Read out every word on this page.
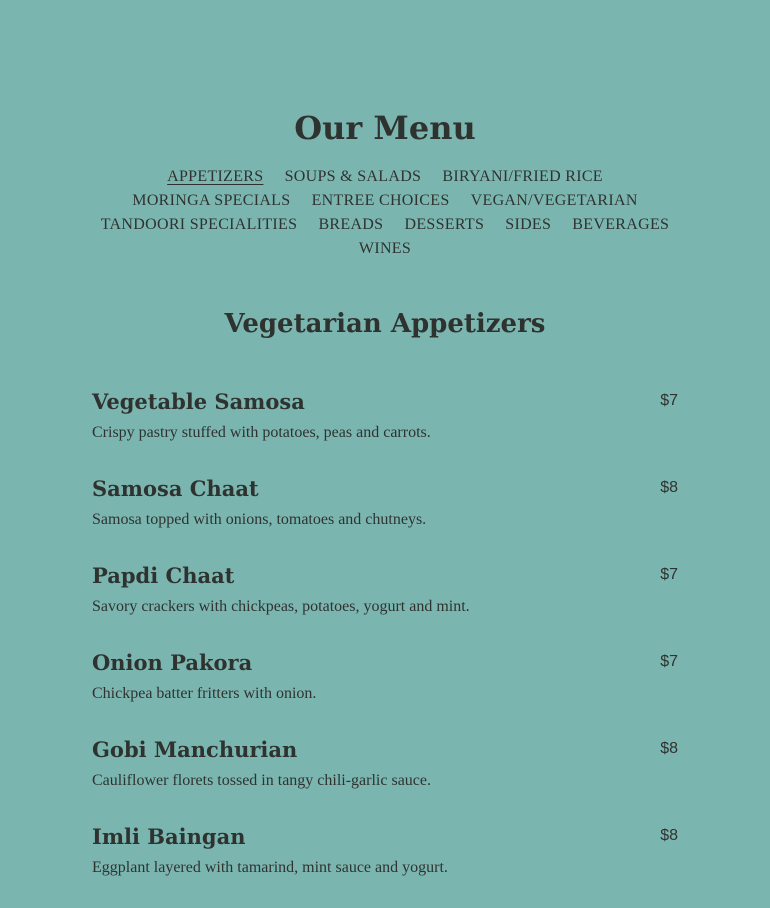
Our Menu
APPETIZERS SOUPS & SALADS BIRYANI/FRIED RICE
MORINGA SPECIALS ENTREE CHOICES VEGAN/VEGETARIAN
TANDOORI SPECIALITIES BREADS DESSERTS SIDES BEVERAGES
WINES
Vegetarian Appetizers
Vegetable Samosa	$7
Crispy pastry stuffed with potatoes, peas and carrots.
Samosa Chaat	$8
Samosa topped with onions, tomatoes and chutneys.
Papdi Chaat	$7
Savory crackers with chickpeas, potatoes, yogurt and mint.
Onion Pakora	$7
Chickpea batter fritters with onion.
Gobi Manchurian	$8
Cauliflower florets tossed in tangy chili-garlic sauce.
Imli Baingan	$8
Eggplant layered with tamarind, mint sauce and yogurt.
